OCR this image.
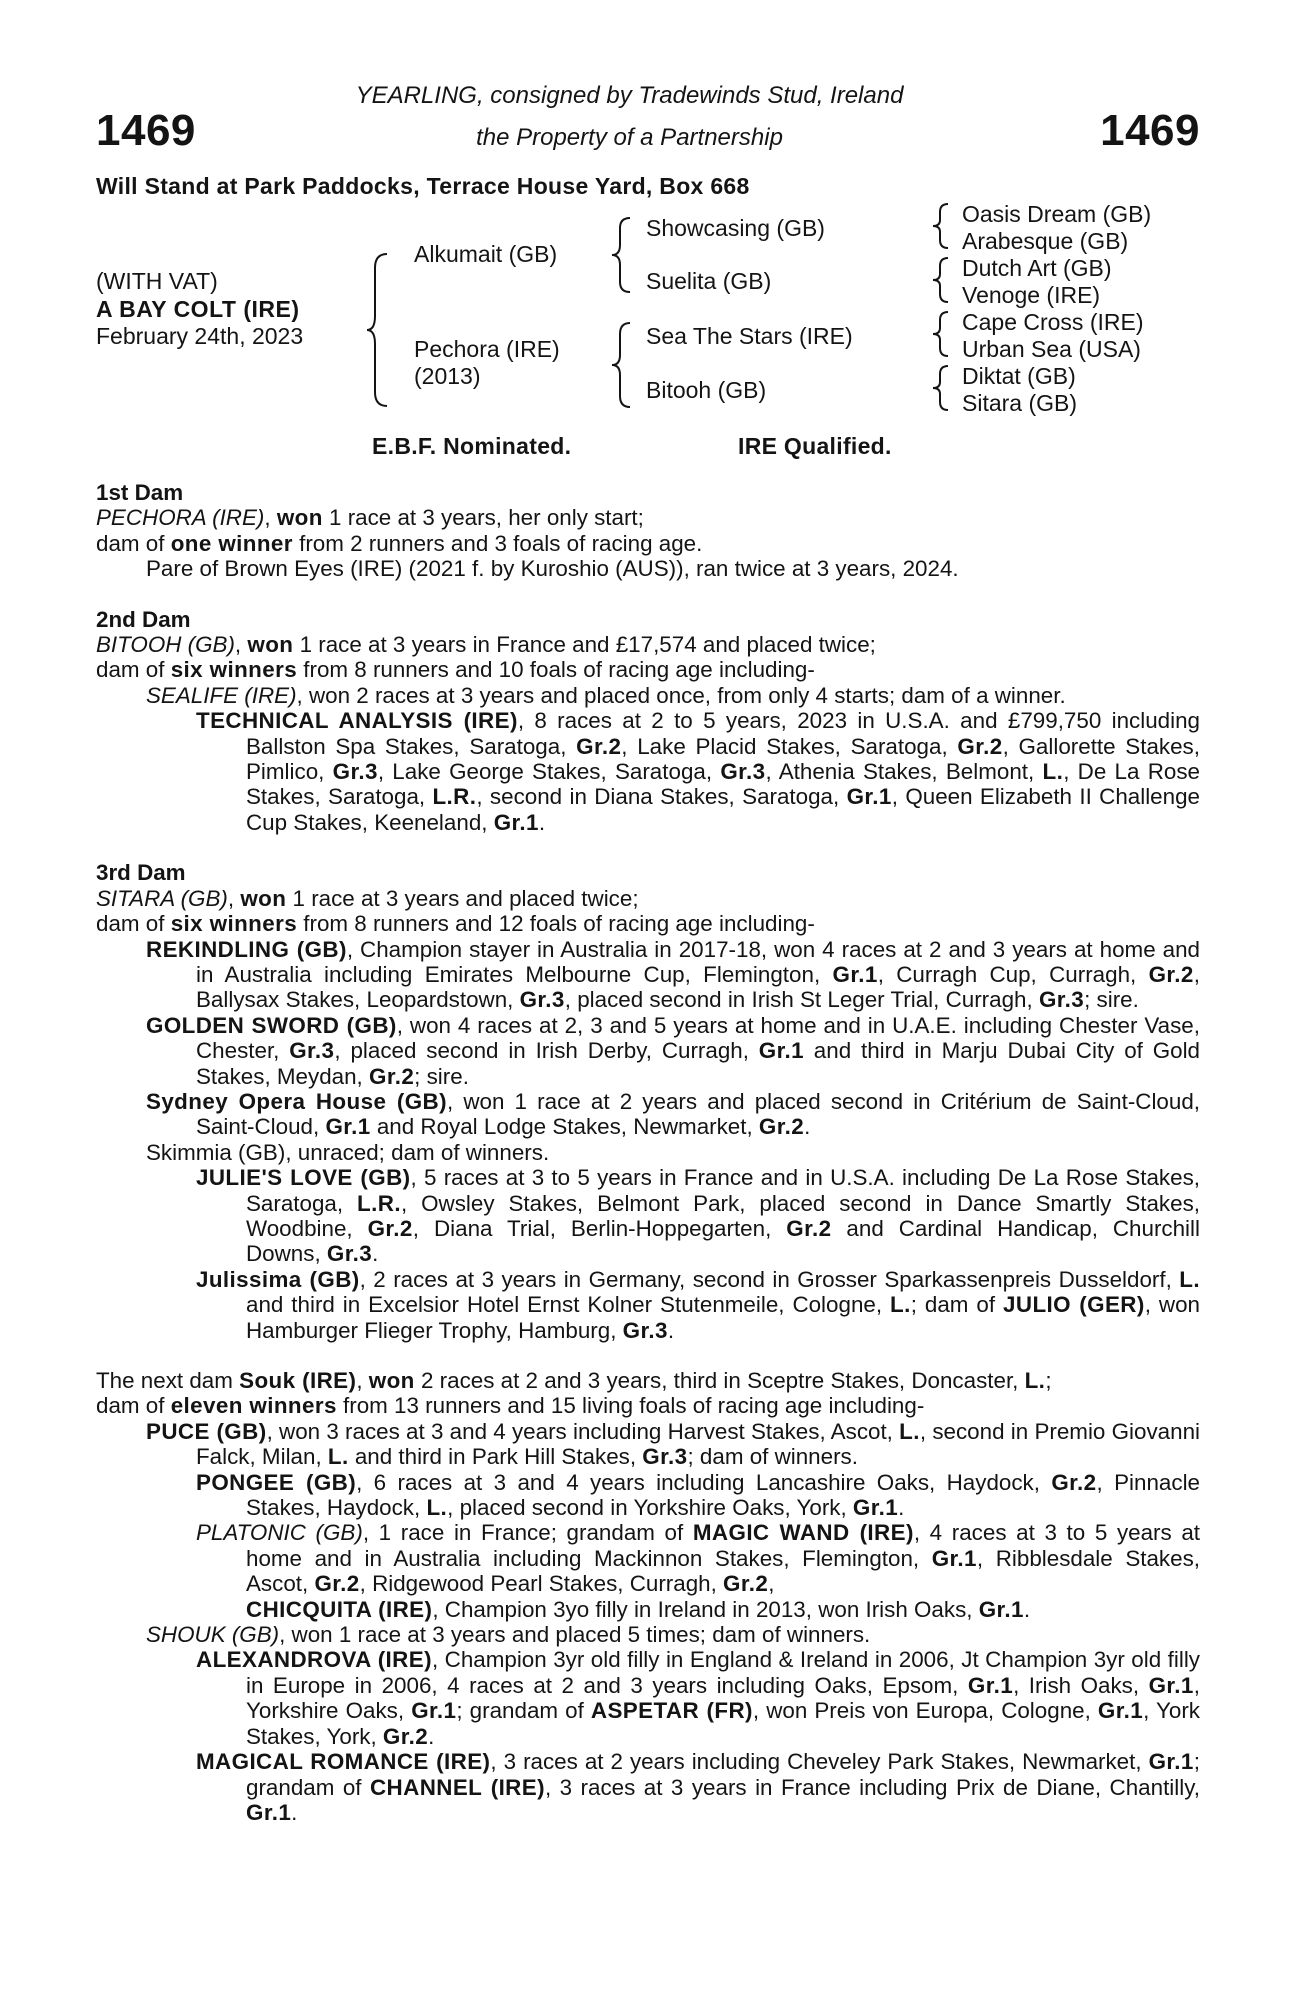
1469	1469
YEARLING, consigned by Tradewinds Stud, Ireland
the Property of a Partnership
Will Stand at Park Paddocks, Terrace House Yard, Box 668
(WITH VAT)
A BAY COLT (IRE)
February 24th, 2023
Alkumait (GB)
Pechora (IRE)
(2013)
Showcasing (GB)
Suelita (GB)
Sea The Stars (IRE)
Bitooh (GB)
Oasis Dream (GB)
Arabesque (GB)
Dutch Art (GB)
Venoge (IRE)
Cape Cross (IRE)
Urban Sea (USA)
Diktat (GB)
Sitara (GB)
E.B.F. Nominated.	IRE Qualified.

1st Dam

PECHORA (IRE), won 1 race at 3 years, her only start;

dam of one winner from 2 runners and 3 foals of racing age.

Pare of Brown Eyes (IRE) (2021 f. by Kuroshio (AUS)), ran twice at 3 years, 2024.

2nd Dam

BITOOH (GB), won 1 race at 3 years in France and £17,574 and placed twice;

dam of six winners from 8 runners and 10 foals of racing age including-

SEALIFE (IRE), won 2 races at 3 years and placed once, from only 4 starts; dam of a winner.

TECHNICAL ANALYSIS (IRE), 8 races at 2 to 5 years, 2023 in U.S.A. and £799,750 including Ballston Spa Stakes, Saratoga, Gr.2, Lake Placid Stakes, Saratoga, Gr.2, Gallorette Stakes, Pimlico, Gr.3, Lake George Stakes, Saratoga, Gr.3, Athenia Stakes, Belmont, L., De La Rose Stakes, Saratoga, L.R., second in Diana Stakes, Saratoga, Gr.1, Queen Elizabeth II Challenge Cup Stakes, Keeneland, Gr.1.

3rd Dam

SITARA (GB), won 1 race at 3 years and placed twice;

dam of six winners from 8 runners and 12 foals of racing age including-

REKINDLING (GB), Champion stayer in Australia in 2017-18, won 4 races at 2 and 3 years at home and in Australia including Emirates Melbourne Cup, Flemington, Gr.1, Curragh Cup, Curragh, Gr.2, Ballysax Stakes, Leopardstown, Gr.3, placed second in Irish St Leger Trial, Curragh, Gr.3; sire.

GOLDEN SWORD (GB), won 4 races at 2, 3 and 5 years at home and in U.A.E. including Chester Vase, Chester, Gr.3, placed second in Irish Derby, Curragh, Gr.1 and third in Marju Dubai City of Gold Stakes, Meydan, Gr.2; sire.

Sydney Opera House (GB), won 1 race at 2 years and placed second in Critérium de Saint-Cloud, Saint-Cloud, Gr.1 and Royal Lodge Stakes, Newmarket, Gr.2.

Skimmia (GB), unraced; dam of winners.

JULIE'S LOVE (GB), 5 races at 3 to 5 years in France and in U.S.A. including De La Rose Stakes, Saratoga, L.R., Owsley Stakes, Belmont Park, placed second in Dance Smartly Stakes, Woodbine, Gr.2, Diana Trial, Berlin-Hoppegarten, Gr.2 and Cardinal Handicap, Churchill Downs, Gr.3.

Julissima (GB), 2 races at 3 years in Germany, second in Grosser Sparkassenpreis Dusseldorf, L. and third in Excelsior Hotel Ernst Kolner Stutenmeile, Cologne, L.; dam of JULIO (GER), won Hamburger Flieger Trophy, Hamburg, Gr.3.

The next dam Souk (IRE), won 2 races at 2 and 3 years, third in Sceptre Stakes, Doncaster, L.;

dam of eleven winners from 13 runners and 15 living foals of racing age including-

PUCE (GB), won 3 races at 3 and 4 years including Harvest Stakes, Ascot, L., second in Premio Giovanni Falck, Milan, L. and third in Park Hill Stakes, Gr.3; dam of winners.

PONGEE (GB), 6 races at 3 and 4 years including Lancashire Oaks, Haydock, Gr.2, Pinnacle Stakes, Haydock, L., placed second in Yorkshire Oaks, York, Gr.1.

PLATONIC (GB), 1 race in France; grandam of MAGIC WAND (IRE), 4 races at 3 to 5 years at home and in Australia including Mackinnon Stakes, Flemington, Gr.1, Ribblesdale Stakes, Ascot, Gr.2, Ridgewood Pearl Stakes, Curragh, Gr.2,

CHICQUITA (IRE), Champion 3yo filly in Ireland in 2013, won Irish Oaks, Gr.1.

SHOUK (GB), won 1 race at 3 years and placed 5 times; dam of winners.

ALEXANDROVA (IRE), Champion 3yr old filly in England & Ireland in 2006, Jt Champion 3yr old filly in Europe in 2006, 4 races at 2 and 3 years including Oaks, Epsom, Gr.1, Irish Oaks, Gr.1, Yorkshire Oaks, Gr.1; grandam of ASPETAR (FR), won Preis von Europa, Cologne, Gr.1, York Stakes, York, Gr.2.

MAGICAL ROMANCE (IRE), 3 races at 2 years including Cheveley Park Stakes, Newmarket, Gr.1; grandam of CHANNEL (IRE), 3 races at 3 years in France including Prix de Diane, Chantilly, Gr.1.
